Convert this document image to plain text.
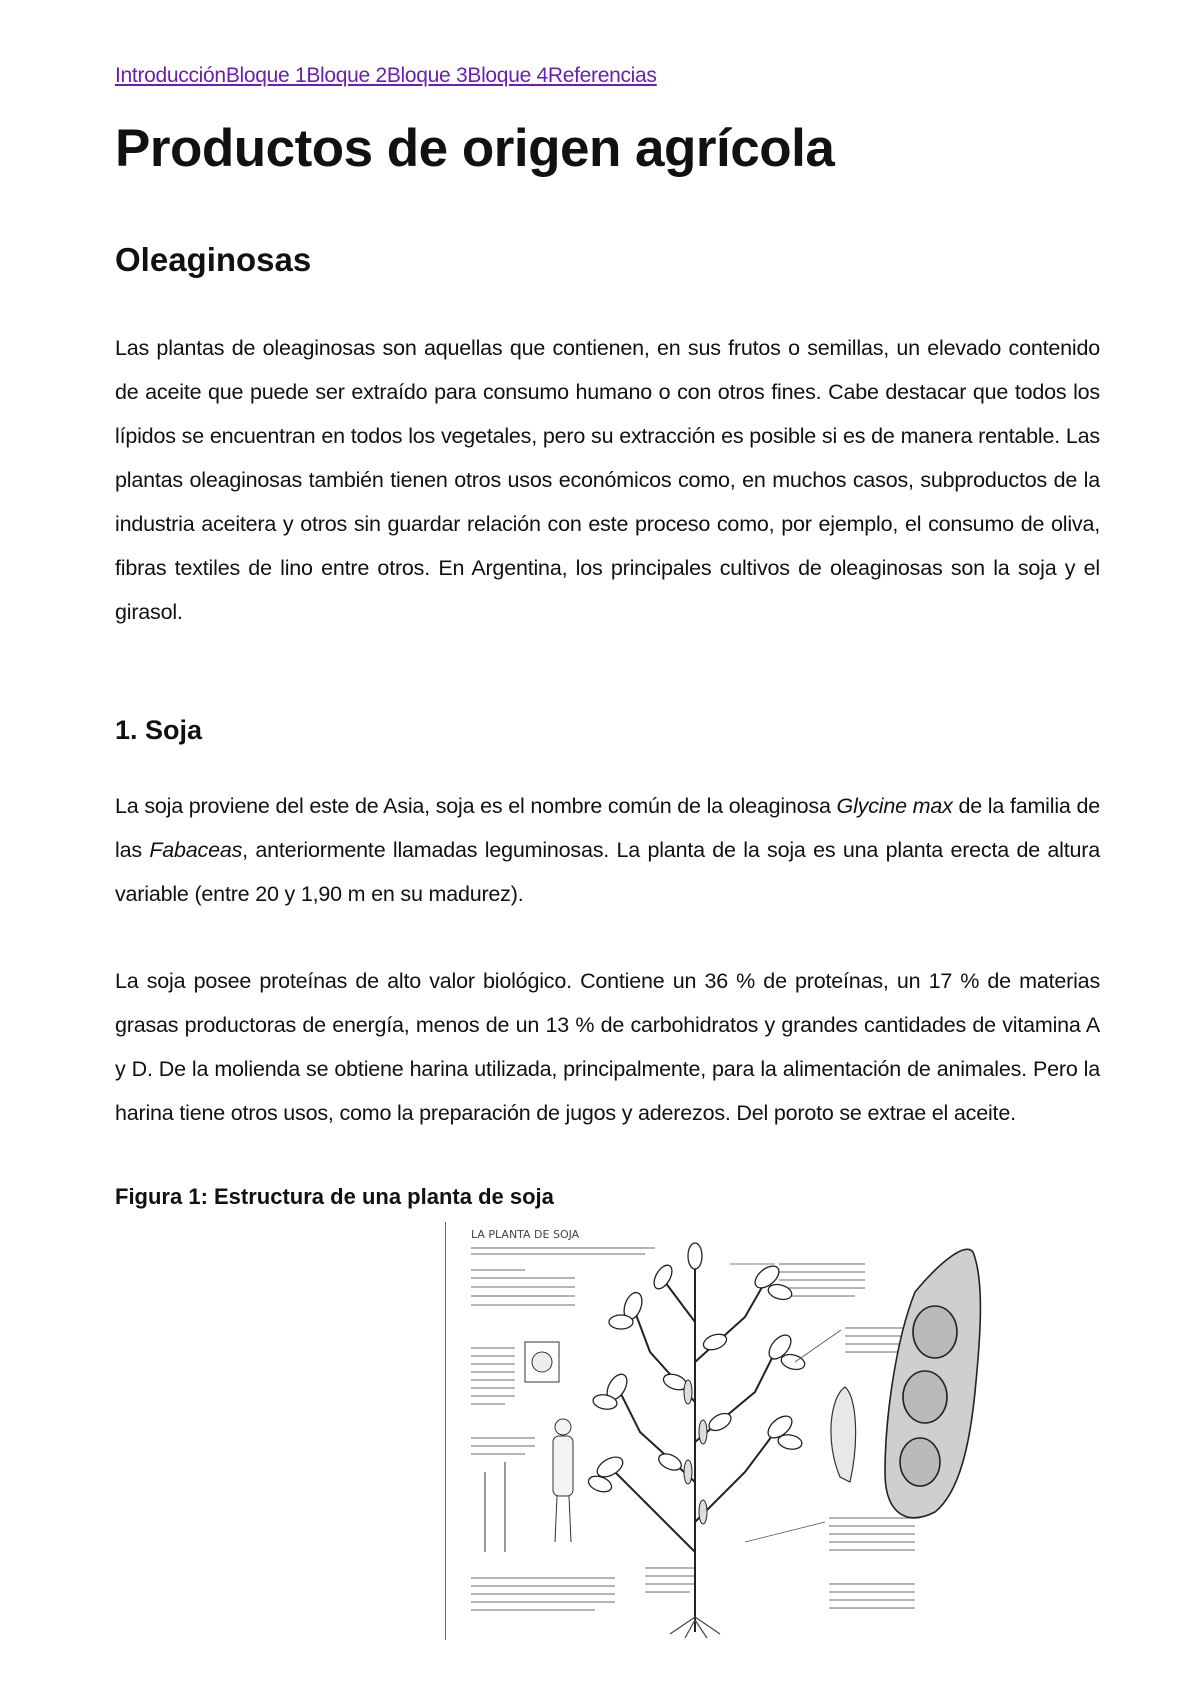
IntroducciónBloque 1Bloque 2Bloque 3Bloque 4Referencias
Productos de origen agrícola
Oleaginosas

Las plantas de oleaginosas son aquellas que contienen, en sus frutos o semillas, un elevado contenido de aceite que puede ser extraído para consumo humano o con otros fines. Cabe destacar que todos los lípidos se encuentran en todos los vegetales, pero su extracción es posible si es de manera rentable. Las plantas oleaginosas también tienen otros usos económicos como, en muchos casos, subproductos de la industria aceitera y otros sin guardar relación con este proceso como, por ejemplo, el consumo de oliva, fibras textiles de lino entre otros. En Argentina, los principales cultivos de oleaginosas son la soja y el girasol.

1. Soja

La soja proviene del este de Asia, soja es el nombre común de la oleaginosa Glycine max de la familia de las Fabaceas, anteriormente llamadas leguminosas. La planta de la soja es una planta erecta de altura variable (entre 20 y 1,90 m en su madurez).

La soja posee proteínas de alto valor biológico. Contiene un 36 % de proteínas, un 17 % de materias grasas productoras de energía, menos de un 13 % de carbohidratos y grandes cantidades de vitamina A y D. De la molienda se obtiene harina utilizada, principalmente, para la alimentación de animales. Pero la harina tiene otros usos, como la preparación de jugos y aderezos. Del poroto se extrae el aceite.

Figura 1: Estructura de una planta de soja
LA PLANTA DE SOJA
